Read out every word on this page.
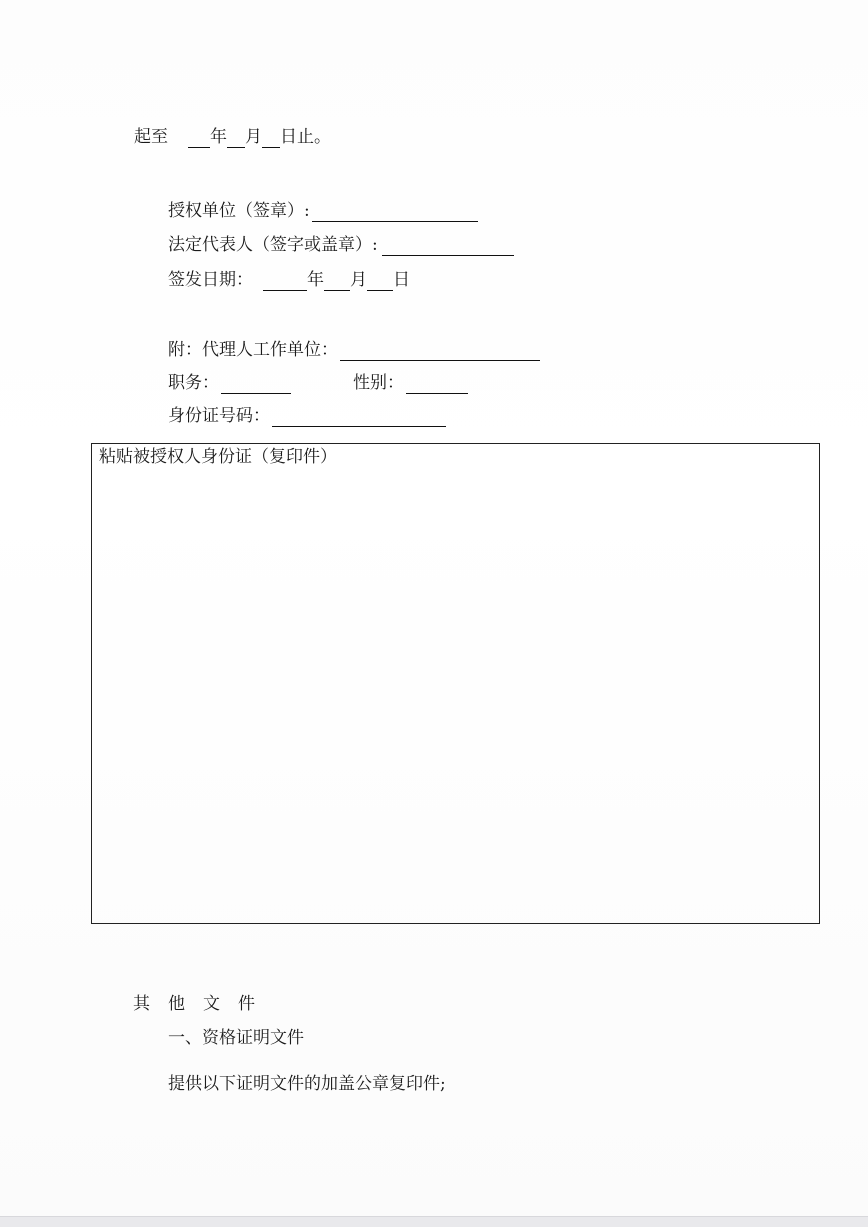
起至 年 月 日止。
授权单位（签章）:
法定代表人（签字或盖章）:
签发日期：	年 月 日
附：代理人工作单位：
职务：	性别：
身份证号码：
粘贴被授权人身份证（复印件）
其 他 文 件
一、资格证明文件
提供以下证明文件的加盖公章复印件;
